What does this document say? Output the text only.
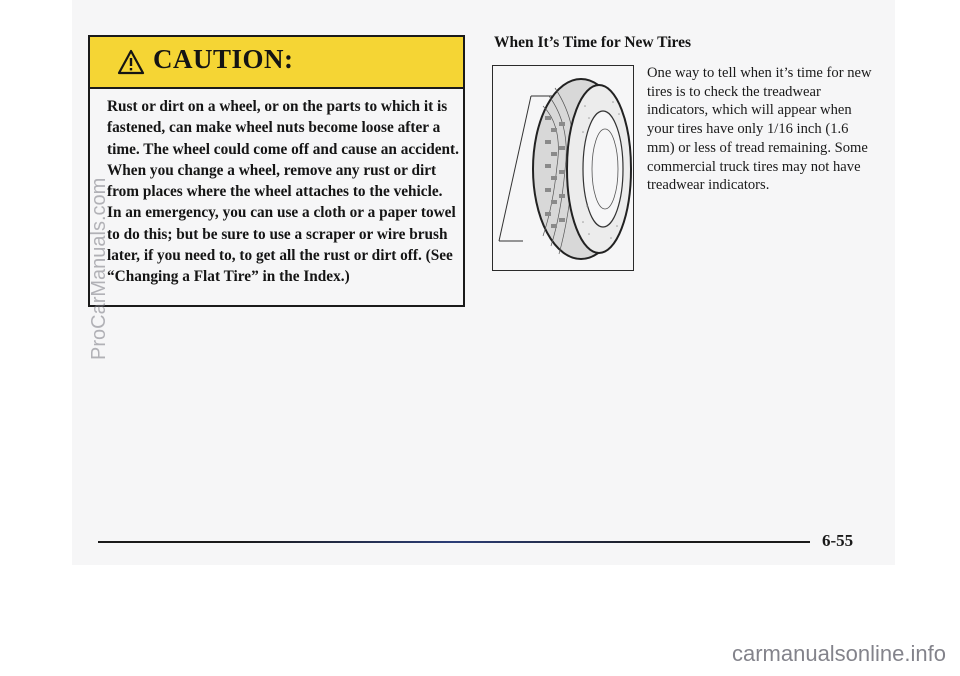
CAUTION:
Rust or dirt on a wheel, or on the parts to which it is fastened, can make wheel nuts become loose after a time. The wheel could come off and cause an accident. When you change a wheel, remove any rust or dirt from places where the wheel attaches to the vehicle. In an emergency, you can use a cloth or a paper towel to do this; but be sure to use a scraper or wire brush later, if you need to, to get all the rust or dirt off. (See “Changing a Flat Tire” in the Index.)
When It’s Time for New Tires
One way to tell when it’s time for new tires is to check the treadwear indicators, which will appear when your tires have only 1/16 inch (1.6 mm) or less of tread remaining. Some commercial truck tires may not have treadwear indicators.
6-55
ProCarManuals.com
carmanualsonline.info
